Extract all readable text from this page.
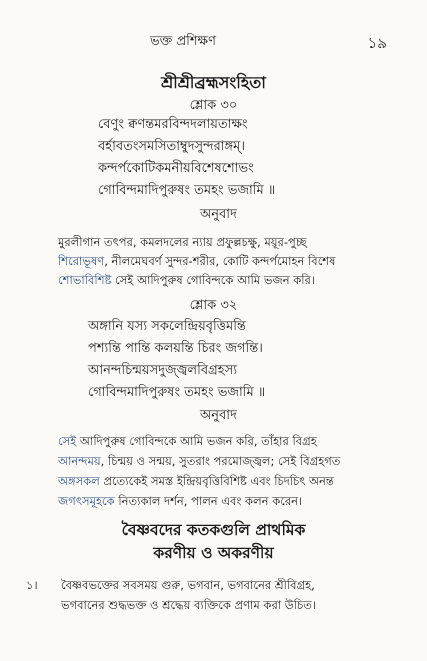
ভক্ত প্রশিক্ষণ	১৯
শ্রীশ্রীব্রহ্মসংহিতা
শ্লোক ৩০
বেণুং ক্বণন্তমরবিন্দদলায়তাক্ষং
বর্হাবতংসমসিতাম্বুদসুন্দরাঙ্গম্।
কন্দর্পকোটিকমনীয়বিশেষশোভং
গোবিন্দমাদিপুরুষং তমহং ভজামি ॥
অনুবাদ
মুরলীগান তৎপর, কমলদলের ন্যায় প্রফুল্লচক্ষু, ময়ূর-পুচ্ছ
শিরোভূষণ, নীলমেঘবর্ণ সুন্দর-শরীর, কোটি কন্দর্পমোহন বিশেষ
শোভাবিশিষ্ট সেই আদিপুরুষ গোবিন্দকে আমি ভজন করি।
শ্লোক ৩২
অঙ্গানি যস্য সকলেন্দ্রিয়বৃত্তিমন্তি
পশ্যন্তি পান্তি কলয়ন্তি চিরং জগন্তি।
আনন্দচিন্ময়সদুজ্জ্বলবিগ্রহস্য
গোবিন্দমাদিপুরুষং তমহং ভজামি ॥
অনুবাদ
সেই আদিপুরুষ গোবিন্দকে আমি ভজন করি, তাঁহার বিগ্রহ
আনন্দময়, চিন্ময় ও সন্ময়, সুতরাং পরমোজ্জ্বল; সেই বিগ্রহগত
অঙ্গসকল প্রত্যেকেই সমস্ত ইন্দ্রিয়বৃত্তিবিশিষ্ট এবং চিদচিৎ অনন্ত
জগৎসমূহকে নিত্যকাল দর্শন, পালন এবং কলন করেন।
বৈষ্ণবদের কতকগুলি প্রাথমিক
করণীয় ও অকরণীয়
১। বৈষ্ণবভক্তের সবসময় গুরু, ভগবান, ভগবানের শ্রীবিগ্রহ,
ভগবানের শুদ্ধভক্ত ও শ্রদ্ধেয় ব্যক্তিকে প্রণাম করা উচিত।
